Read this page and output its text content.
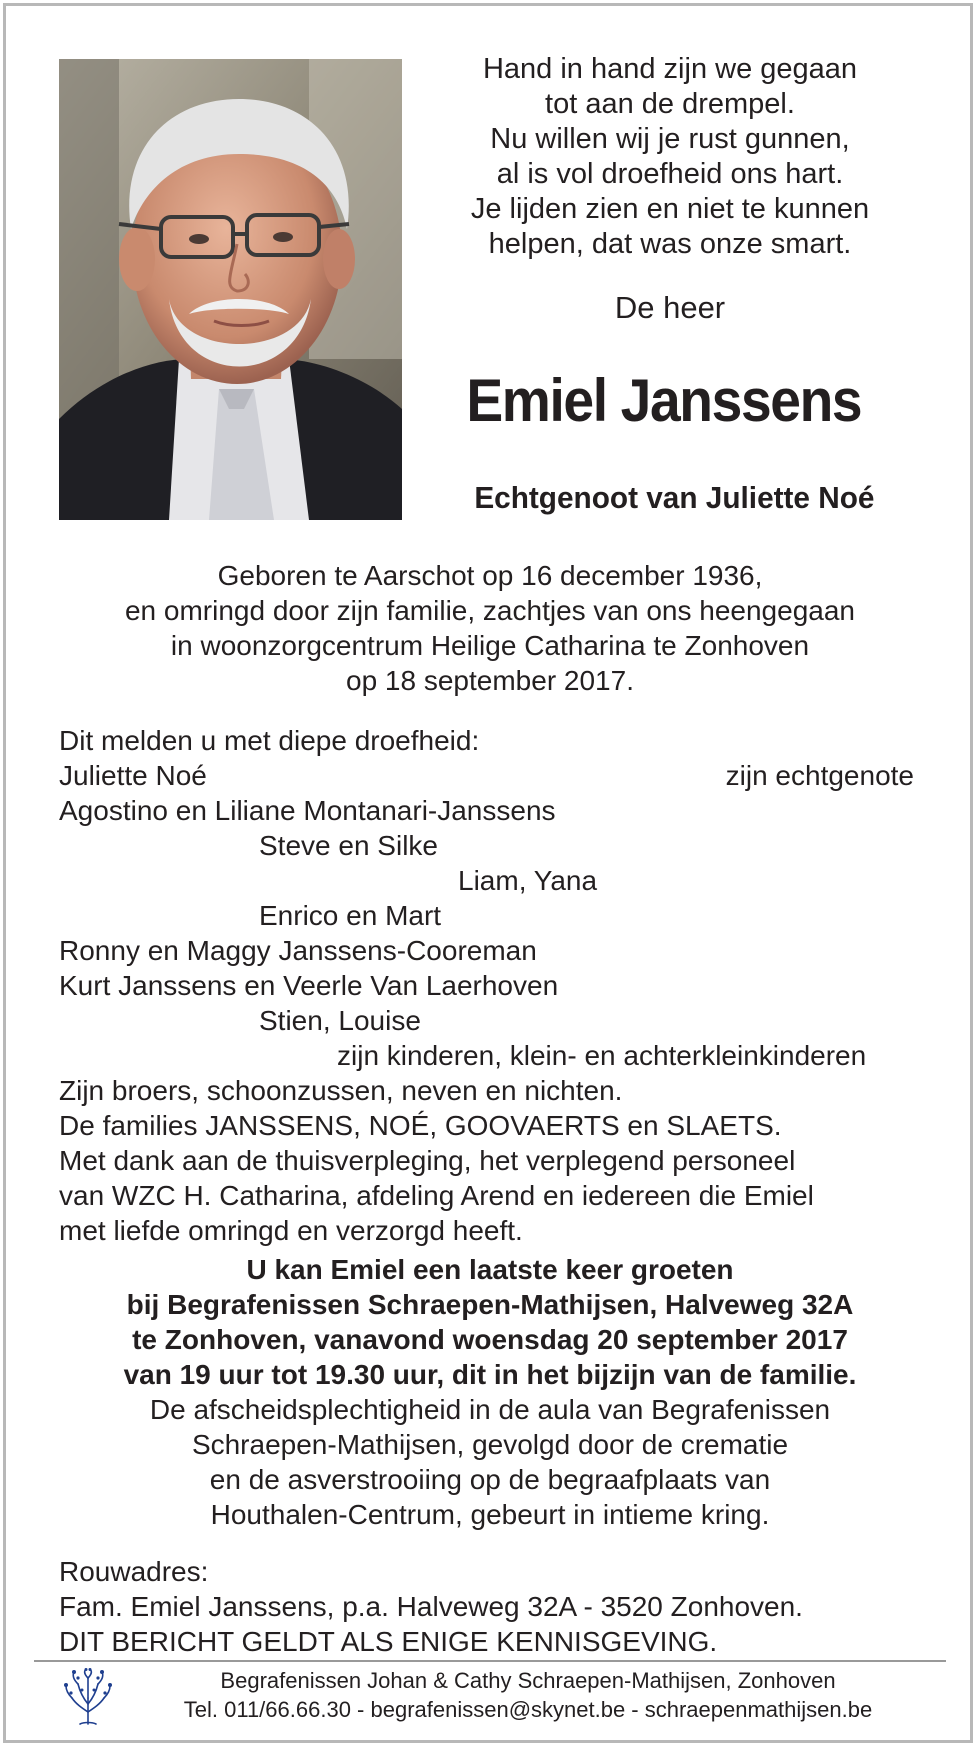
Hand in hand zijn we gegaan
tot aan de drempel.
Nu willen wij je rust gunnen,
al is vol droefheid ons hart.
Je lijden zien en niet te kunnen
helpen, dat was onze smart.
De heer
Emiel Janssens
Echtgenoot van Juliette Noé
Geboren te Aarschot op 16 december 1936,
en omringd door zijn familie, zachtjes van ons heengegaan
in woonzorgcentrum Heilige Catharina te Zonhoven
op 18 september 2017.
Dit melden u met diepe droefheid:
Juliette Noé	zijn echtgenote
Agostino en Liliane Montanari-Janssens
Steve en Silke
Liam, Yana
Enrico en Mart
Ronny en Maggy Janssens-Cooreman
Kurt Janssens en Veerle Van Laerhoven
Stien, Louise
zijn kinderen, klein- en achterkleinkinderen
Zijn broers, schoonzussen, neven en nichten.
De families JANSSENS, NOÉ, GOOVAERTS en SLAETS.
Met dank aan de thuisverpleging, het verplegend personeel
van WZC H. Catharina, afdeling Arend en iedereen die Emiel
met liefde omringd en verzorgd heeft.
U kan Emiel een laatste keer groeten
bij Begrafenissen Schraepen-Mathijsen, Halveweg 32A
te Zonhoven, vanavond woensdag 20 september 2017
van 19 uur tot 19.30 uur, dit in het bijzijn van de familie.
De afscheidsplechtigheid in de aula van Begrafenissen
Schraepen-Mathijsen, gevolgd door de crematie
en de asverstrooiing op de begraafplaats van
Houthalen-Centrum, gebeurt in intieme kring.
Rouwadres:
Fam. Emiel Janssens, p.a. Halveweg 32A - 3520 Zonhoven.
DIT BERICHT GELDT ALS ENIGE KENNISGEVING.
Begrafenissen Johan & Cathy Schraepen-Mathijsen, Zonhoven
Tel. 011/66.66.30 - begrafenissen@skynet.be - schraepenmathijsen.be
